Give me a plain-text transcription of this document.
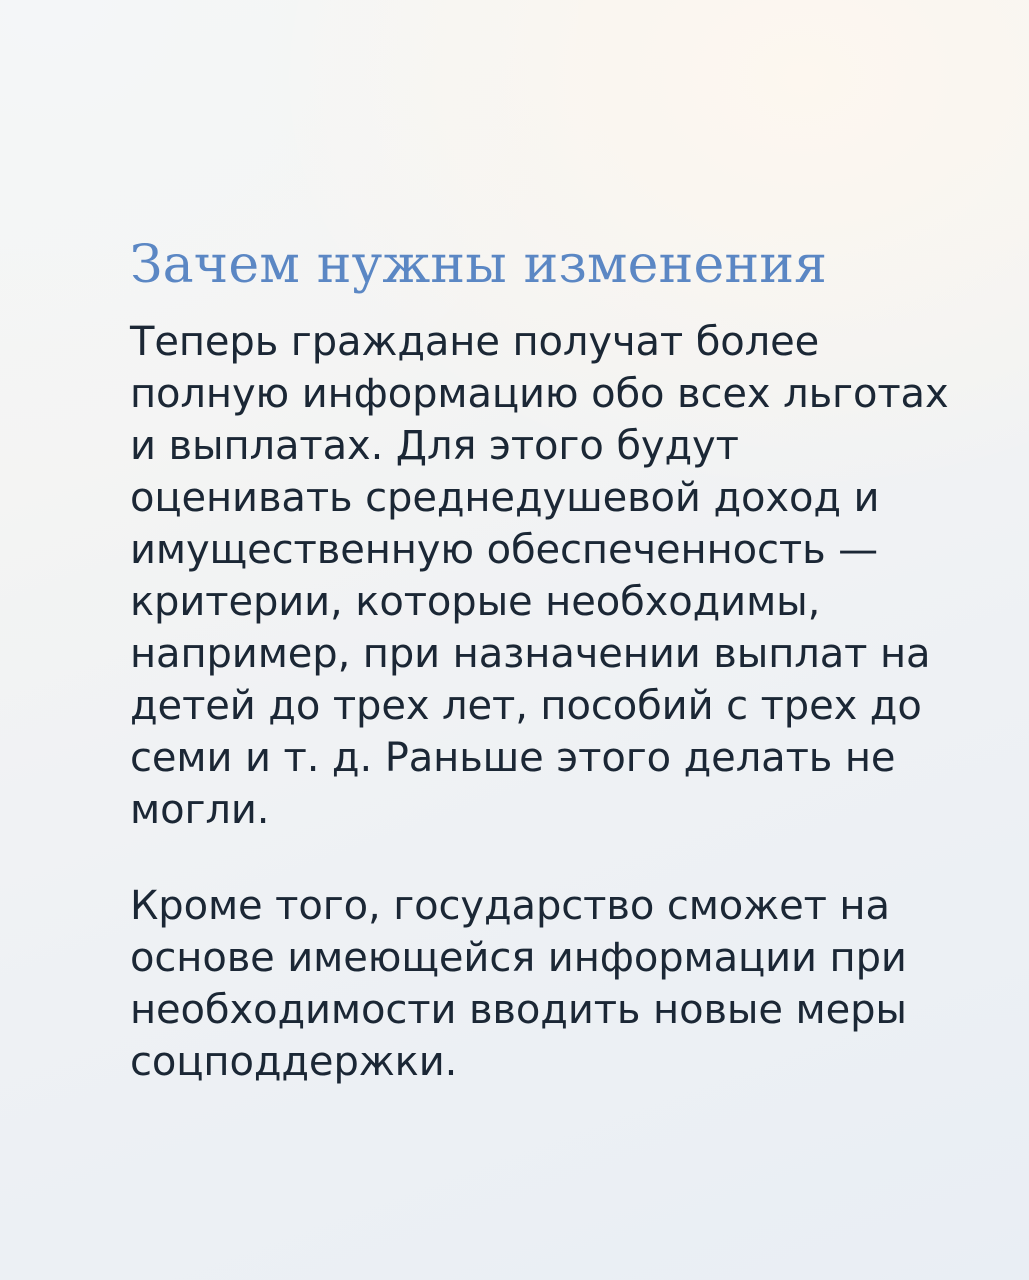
Зачем нужны изменения

Теперь граждане получат более полную информацию обо всех льготах и выплатах. Для этого будут оценивать среднедушевой доход и имущественную обеспеченность — критерии, которые необходимы, например, при назначении выплат на детей до трех лет, пособий с трех до семи и т. д. Раньше этого делать не могли.

Кроме того, государство сможет на основе имеющейся информации при необходимости вводить новые меры соцподдержки.
